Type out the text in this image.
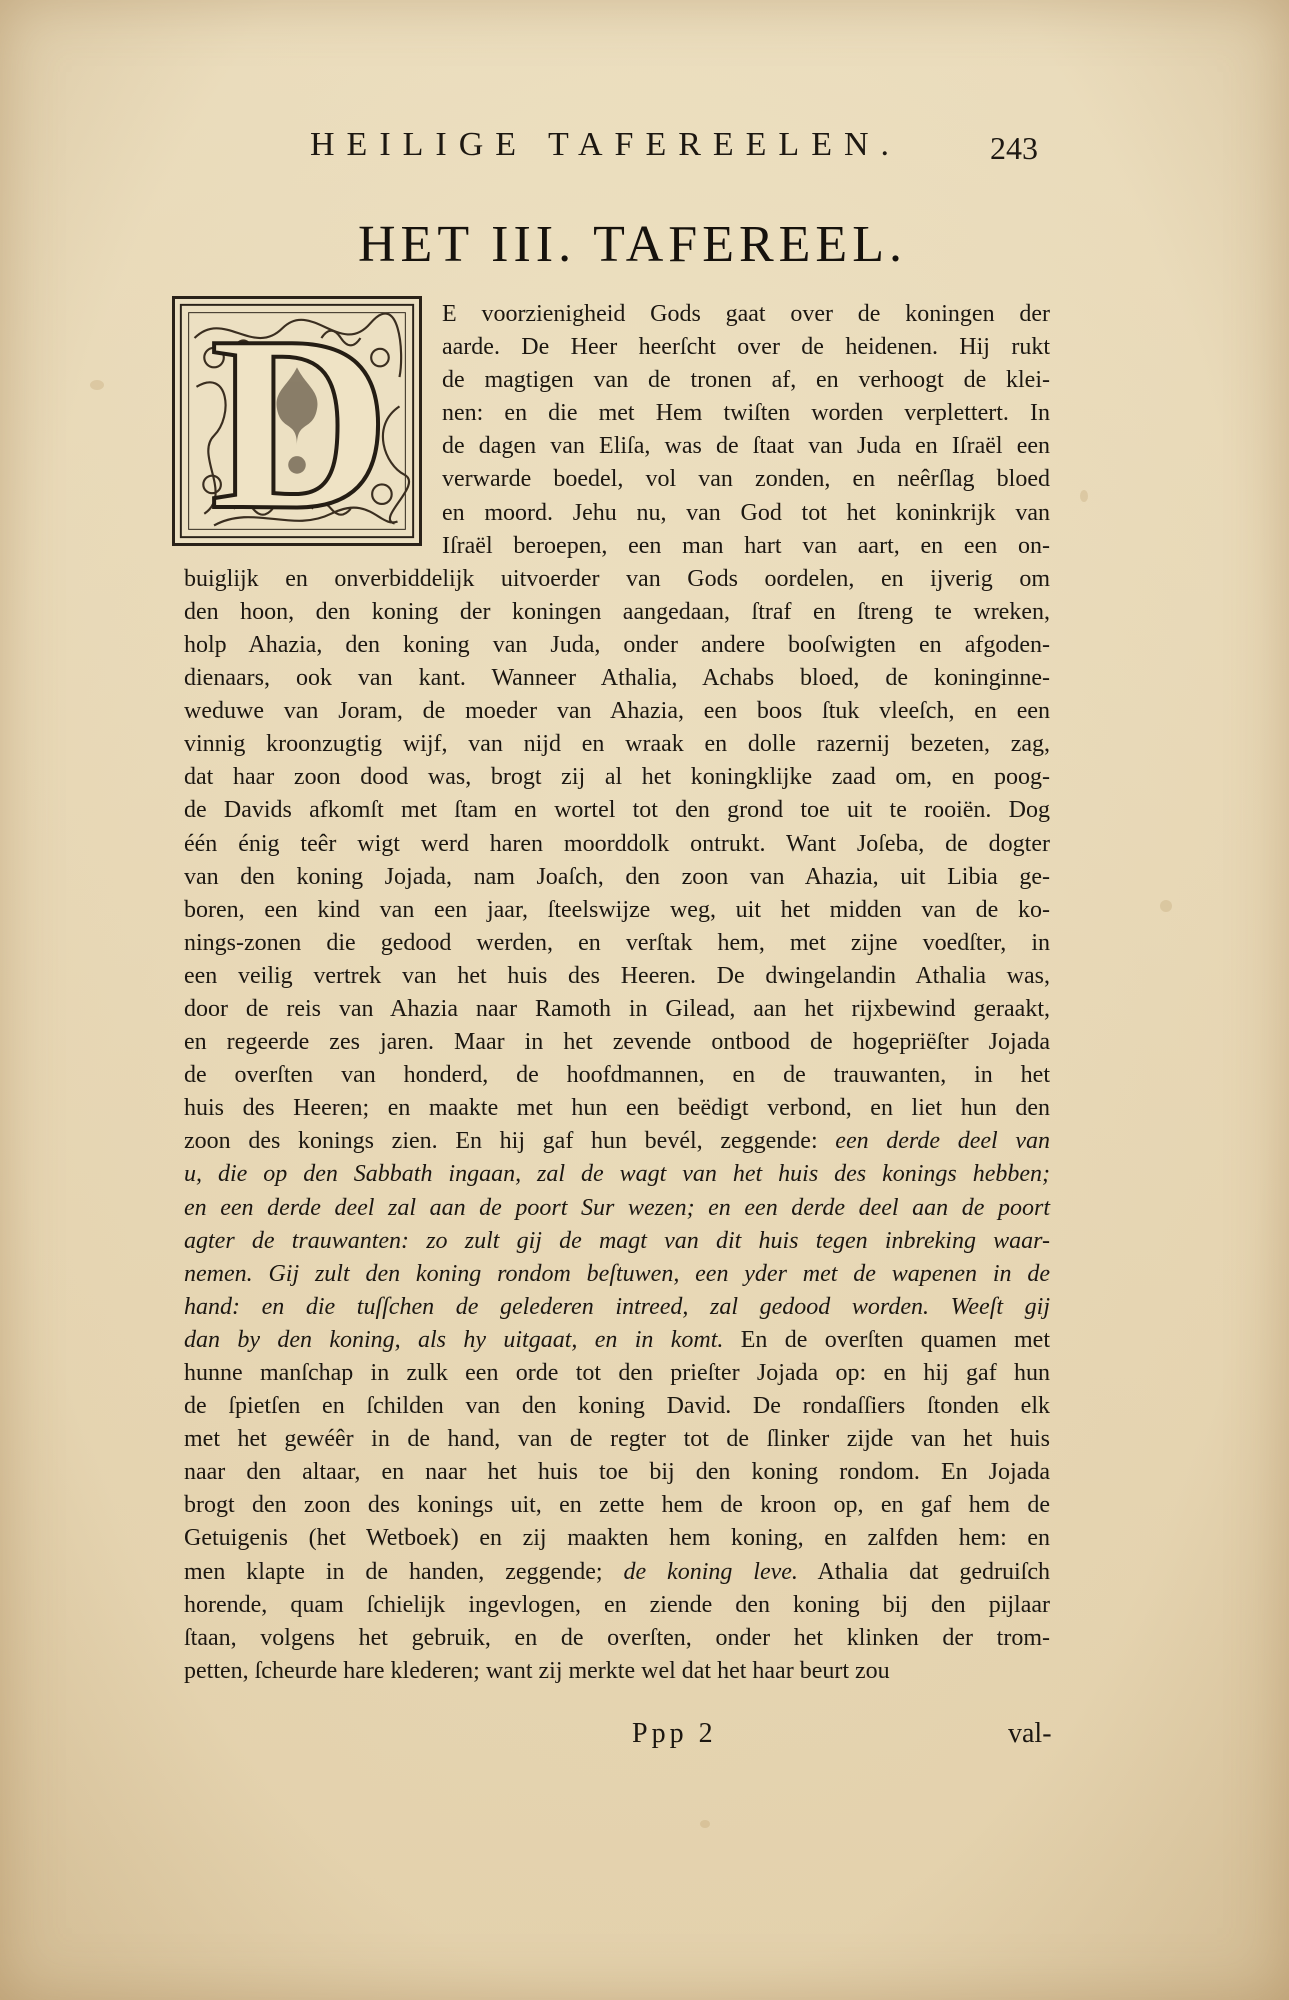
HEILIGE TAFEREELEN.	243
HET III. TAFEREEL.
D	E voorzienigheid Gods gaat over de koningen der
aarde. De Heer heerſcht over de heidenen. Hij rukt
de magtigen van de tronen af, en verhoogt de klei-
nen: en die met Hem twiſten worden verplettert. In
de dagen van Eliſa, was de ſtaat van Juda en Iſraël een
verwarde boedel, vol van zonden, en neêrſlag bloed
en moord. Jehu nu, van God tot het koninkrijk van
Iſraël beroepen, een man hart van aart, en een on-
buiglijk en onverbiddelijk uitvoerder van Gods oordelen, en ijverig om
den hoon, den koning der koningen aangedaan, ſtraf en ſtreng te wreken,
holp Ahazia, den koning van Juda, onder andere booſwigten en afgoden-
dienaars, ook van kant. Wanneer Athalia, Achabs bloed, de koninginne-
weduwe van Joram, de moeder van Ahazia, een boos ſtuk vleeſch, en een
vinnig kroonzugtig wijf, van nijd en wraak en dolle razernij bezeten, zag,
dat haar zoon dood was, brogt zij al het koningklijke zaad om, en poog-
de Davids afkomſt met ſtam en wortel tot den grond toe uit te rooiën. Dog
één énig teêr wigt werd haren moorddolk ontrukt. Want Joſeba, de dogter
van den koning Jojada, nam Joaſch, den zoon van Ahazia, uit Libia ge-
boren, een kind van een jaar, ſteelswijze weg, uit het midden van de ko-
nings-zonen die gedood werden, en verſtak hem, met zijne voedſter, in
een veilig vertrek van het huis des Heeren. De dwingelandin Athalia was,
door de reis van Ahazia naar Ramoth in Gilead, aan het rijxbewind geraakt,
en regeerde zes jaren. Maar in het zevende ontbood de hogepriëſter Jojada
de overſten van honderd, de hoofdmannen, en de trauwanten, in het
huis des Heeren; en maakte met hun een beëdigt verbond, en liet hun den
zoon des konings zien. En hij gaf hun bevél, zeggende: een derde deel van
u, die op den Sabbath ingaan, zal de wagt van het huis des konings hebben;
en een derde deel zal aan de poort Sur wezen; en een derde deel aan de poort
agter de trauwanten: zo zult gij de magt van dit huis tegen inbreking waar-
nemen. Gij zult den koning rondom beſtuwen, een yder met de wapenen in de
hand: en die tuſſchen de gelederen intreed, zal gedood worden. Weeſt gij
dan by den koning, als hy uitgaat, en in komt. En de overſten quamen met
hunne manſchap in zulk een orde tot den prieſter Jojada op: en hij gaf hun
de ſpietſen en ſchilden van den koning David. De rondaſſiers ſtonden elk
met het gewéêr in de hand, van de regter tot de ſlinker zijde van het huis
naar den altaar, en naar het huis toe bij den koning rondom. En Jojada
brogt den zoon des konings uit, en zette hem de kroon op, en gaf hem de
Getuigenis (het Wetboek) en zij maakten hem koning, en zalfden hem: en
men klapte in de handen, zeggende; de koning leve. Athalia dat gedruiſch
horende, quam ſchielijk ingevlogen, en ziende den koning bij den pijlaar
ſtaan, volgens het gebruik, en de overſten, onder het klinken der trom-
petten, ſcheurde hare klederen; want zij merkte wel dat het haar beurt zou
Ppp 2	val-
